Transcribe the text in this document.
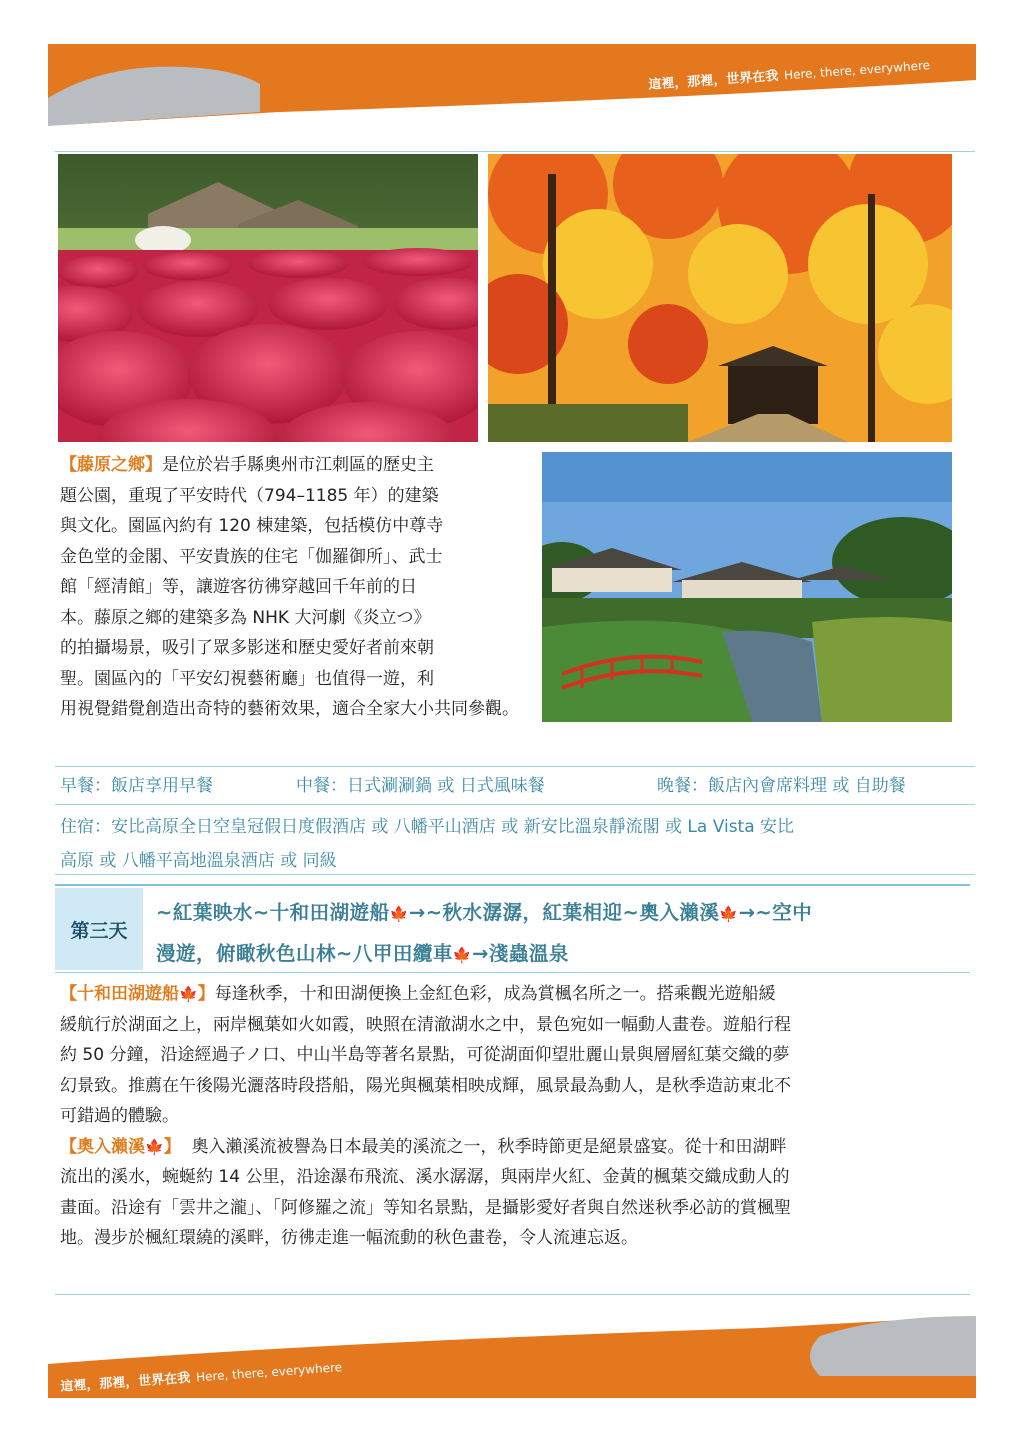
這裡，那裡，世界在我 Here, there, everywhere
【藤原之鄉】是位於岩手縣奧州市江刺區的歷史主
題公園，重現了平安時代（794–1185 年）的建築
與文化。園區內約有 120 棟建築，包括模仿中尊寺
金色堂的金閣、平安貴族的住宅「伽羅御所」、武士
館「經清館」等，讓遊客彷彿穿越回千年前的日
本。藤原之鄉的建築多為 NHK 大河劇《炎立つ》
的拍攝場景，吸引了眾多影迷和歷史愛好者前來朝
聖。園區內的「平安幻視藝術廳」也值得一遊，利
用視覺錯覺創造出奇特的藝術效果，適合全家大小共同參觀。
早餐：飯店享用早餐	中餐：日式涮涮鍋 或 日式風味餐	晚餐：飯店內會席料理 或 自助餐
住宿：安比高原全日空皇冠假日度假酒店 或 八幡平山酒店 或 新安比溫泉靜流閣 或 La Vista 安比
高原 或 八幡平高地溫泉酒店 或 同級
第三天
~紅葉映水~十和田湖遊船🍁→~秋水潺潺，紅葉相迎~奧入瀨溪🍁→~空中
漫遊，俯瞰秋色山林~八甲田纜車🍁→淺蟲溫泉
【十和田湖遊船🍁】每逢秋季，十和田湖便換上金紅色彩，成為賞楓名所之一。搭乘觀光遊船緩
緩航行於湖面之上，兩岸楓葉如火如霞，映照在清澈湖水之中，景色宛如一幅動人畫卷。遊船行程
約 50 分鐘，沿途經過子ノ口、中山半島等著名景點，可從湖面仰望壯麗山景與層層紅葉交織的夢
幻景致。推薦在午後陽光灑落時段搭船，陽光與楓葉相映成輝，風景最為動人，是秋季造訪東北不
可錯過的體驗。
【奧入瀨溪🍁】  奧入瀨溪流被譽為日本最美的溪流之一，秋季時節更是絕景盛宴。從十和田湖畔
流出的溪水，蜿蜒約 14 公里，沿途瀑布飛流、溪水潺潺，與兩岸火紅、金黃的楓葉交織成動人的
畫面。沿途有「雲井之瀧」、「阿修羅之流」等知名景點，是攝影愛好者與自然迷秋季必訪的賞楓聖
地。漫步於楓紅環繞的溪畔，彷彿走進一幅流動的秋色畫卷，令人流連忘返。
這裡，那裡，世界在我 Here, there, everywhere
